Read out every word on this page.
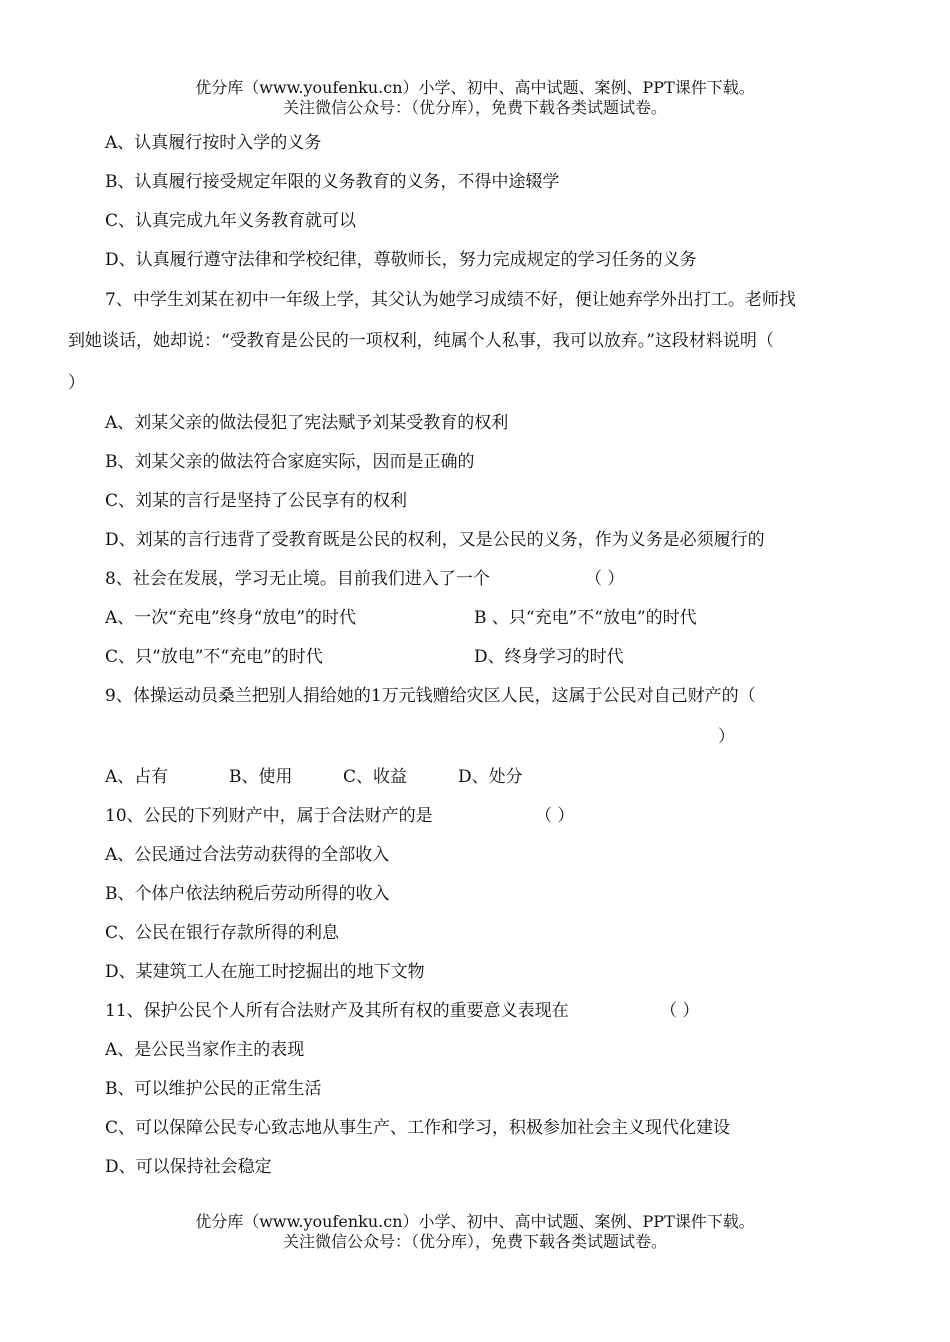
优分库（www.youfenku.cn）小学、初中、高中试题、案例、PPT课件下载。
关注微信公众号：（优分库），免费下载各类试题试卷。
A、认真履行按时入学的义务
B、认真履行接受规定年限的义务教育的义务，不得中途辍学
C、认真完成九年义务教育就可以
D、认真履行遵守法律和学校纪律，尊敬师长，努力完成规定的学习任务的义务
7、中学生刘某在初中一年级上学，其父认为她学习成绩不好，便让她弃学外出打工。老师找
到她谈话，她却说：“受教育是公民的一项权利，纯属个人私事，我可以放弃。”这段材料说明（
）
A、刘某父亲的做法侵犯了宪法赋予刘某受教育的权利
B、刘某父亲的做法符合家庭实际，因而是正确的
C、刘某的言行是坚持了公民享有的权利
D、刘某的言行违背了受教育既是公民的权利，又是公民的义务，作为义务是必须履行的
8、社会在发展，学习无止境。目前我们进入了一个	（ ）
A、一次“充电”终身“放电”的时代	B 、只“充电”不“放电”的时代
C、只“放电”不“充电”的时代	D、终身学习的时代
9、体操运动员桑兰把别人捐给她的1万元钱赠给灾区人民，这属于公民对自己财产的（
）
A、占有	B、使用	C、收益	D、处分
10、公民的下列财产中，属于合法财产的是	（ ）
A、公民通过合法劳动获得的全部收入
B、个体户依法纳税后劳动所得的收入
C、公民在银行存款所得的利息
D、某建筑工人在施工时挖掘出的地下文物
11、保护公民个人所有合法财产及其所有权的重要意义表现在	（ ）
A、是公民当家作主的表现
B、可以维护公民的正常生活
C、可以保障公民专心致志地从事生产、工作和学习，积极参加社会主义现代化建设
D、可以保持社会稳定
优分库（www.youfenku.cn）小学、初中、高中试题、案例、PPT课件下载。
关注微信公众号：（优分库），免费下载各类试题试卷。
